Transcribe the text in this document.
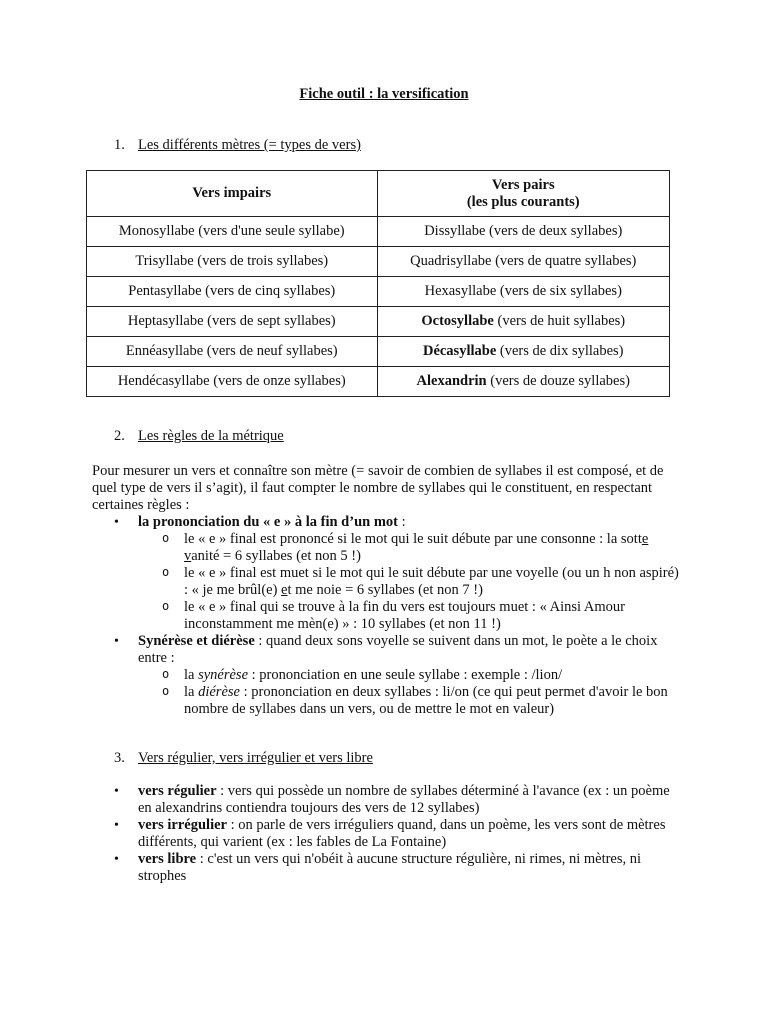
Fiche outil : la versification
1. Les différents mètres (= types de vers)
Vers impairs	Vers pairs
(les plus courants)
Monosyllabe (vers d'une seule syllabe)	Dissyllabe (vers de deux syllabes)
Trisyllabe (vers de trois syllabes)	Quadrisyllabe (vers de quatre syllabes)
Pentasyllabe (vers de cinq syllabes)	Hexasyllabe (vers de six syllabes)
Heptasyllabe (vers de sept syllabes)	Octosyllabe (vers de huit syllabes)
Ennéasyllabe (vers de neuf syllabes)	Décasyllabe (vers de dix syllabes)
Hendécasyllabe (vers de onze syllabes)	Alexandrin (vers de douze syllabes)
2. Les règles de la métrique
Pour mesurer un vers et connaître son mètre (= savoir de combien de syllabes il est composé, et de quel type de vers il s’agit), il faut compter le nombre de syllabes qui le constituent, en respectant certaines règles :
• la prononciation du « e » à la fin d’un mot :
o le « e » final est prononcé si le mot qui le suit débute par une consonne : la sotte vanité = 6 syllabes (et non 5 !)
o le « e » final est muet si le mot qui le suit débute par une voyelle (ou un h non aspiré) : « je me brûl(e) et me noie = 6 syllabes (et non 7 !)
o le « e » final qui se trouve à la fin du vers est toujours muet : « Ainsi Amour inconstamment me mèn(e) » : 10 syllabes (et non 11 !)
• Synérèse et diérèse : quand deux sons voyelle se suivent dans un mot, le poète a le choix entre :
o la synérèse : prononciation en une seule syllabe : exemple : /lion/
o la diérèse : prononciation en deux syllabes : li/on (ce qui peut permet d'avoir le bon nombre de syllabes dans un vers, ou de mettre le mot en valeur)
3. Vers régulier, vers irrégulier et vers libre
• vers régulier : vers qui possède un nombre de syllabes déterminé à l'avance (ex : un poème en alexandrins contiendra toujours des vers de 12 syllabes)
• vers irrégulier : on parle de vers irréguliers quand, dans un poème, les vers sont de mètres différents, qui varient (ex : les fables de La Fontaine)
• vers libre : c'est un vers qui n'obéit à aucune structure régulière, ni rimes, ni mètres, ni strophes
